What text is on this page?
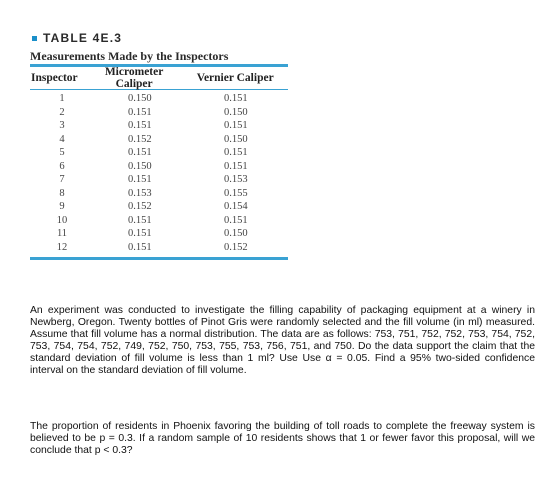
TABLE 4E.3
Measurements Made by the Inspectors
Inspector	Micrometer Caliper	Vernier Caliper
1	0.150	0.151
2	0.151	0.150
3	0.151	0.151
4	0.152	0.150
5	0.151	0.151
6	0.150	0.151
7	0.151	0.153
8	0.153	0.155
9	0.152	0.154
10	0.151	0.151
11	0.151	0.150
12	0.151	0.152
An experiment was conducted to investigate the filling capability of packaging equipment at a winery in Newberg, Oregon. Twenty bottles of Pinot Gris were randomly selected and the fill volume (in ml) measured. Assume that fill volume has a normal distribution. The data are as follows: 753, 751, 752, 752, 753, 754, 752, 753, 754, 754, 752, 749, 752, 750, 753, 755, 753, 756, 751, and 750. Do the data support the claim that the standard deviation of fill volume is less than 1 ml? Use Use α = 0.05. Find a 95% two-sided confidence interval on the standard deviation of fill volume.
The proportion of residents in Phoenix favoring the building of toll roads to complete the freeway system is believed to be p = 0.3. If a random sample of 10 residents shows that 1 or fewer favor this proposal, will we conclude that p < 0.3?
